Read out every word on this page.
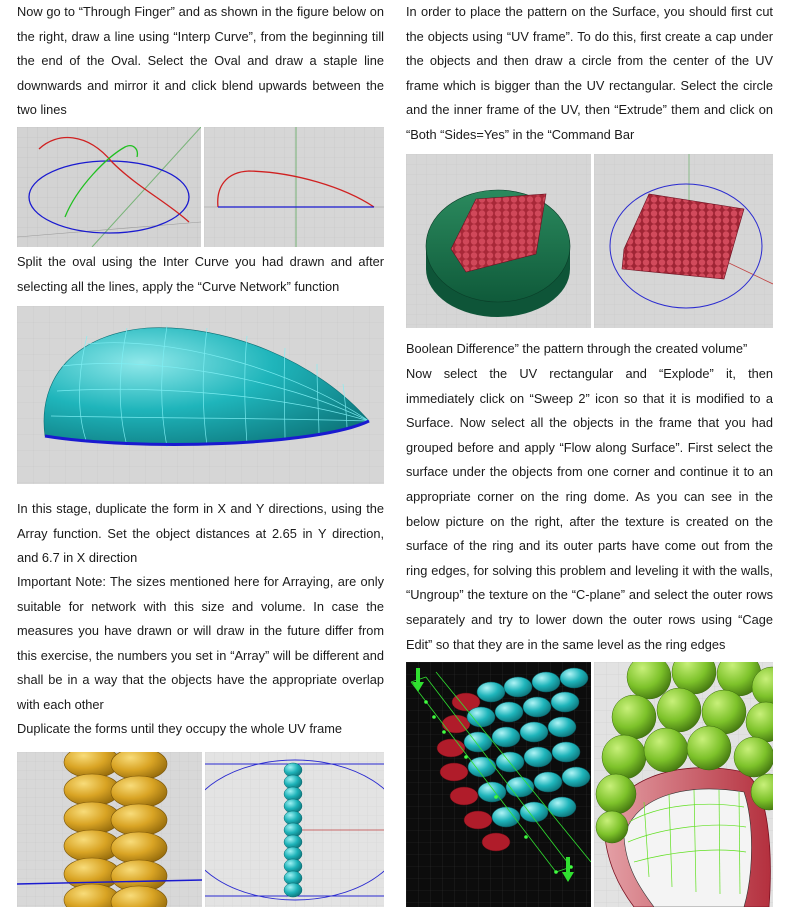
Now go to “Through Finger” and as shown in the figure below on the right, draw a line using “Interp Curve”, from the beginning till the end of the Oval. Select the Oval and draw a staple line downwards and mirror it and click blend upwards between the two lines

Split the oval using the Inter Curve you had drawn and after selecting all the lines, apply the “Curve Network” function

In this stage, duplicate the form in X and Y directions, using the Array function. Set the object distances at 2.65 in Y direction, and 6.7 in X direction

Important Note: The sizes mentioned here for Arraying, are only suitable for network with this size and volume. In case the measures you have drawn or will draw in the future differ from this exercise, the numbers you set in “Array” will be different and shall be in a way that the objects have the appropriate overlap with each other

Duplicate the forms until they occupy the whole UV frame

In order to place the pattern on the Surface, you should first cut the objects using “UV frame”. To do this, first create a cap under the objects and then draw a circle from the center of the UV frame which is bigger than the UV rectangular. Select the circle and the inner frame of the UV, then “Extrude” them and click on “Both “Sides=Yes” in the “Command Bar

Boolean Difference” the pattern through the created volume”

Now select the UV rectangular and “Explode” it, then immediately click on “Sweep 2” icon so that it is modified to a Surface. Now select all the objects in the frame that you had grouped before and apply “Flow along Surface”. First select the surface under the objects from one corner and continue it to an appropriate corner on the ring dome. As you can see in the below picture on the right, after the texture is created on the surface of the ring and its outer parts have come out from the ring edges, for solving this problem and leveling it with the walls, “Ungroup” the texture on the “C-plane” and select the outer rows separately and try to lower down the outer rows using “Cage Edit” so that they are in the same level as the ring edges
